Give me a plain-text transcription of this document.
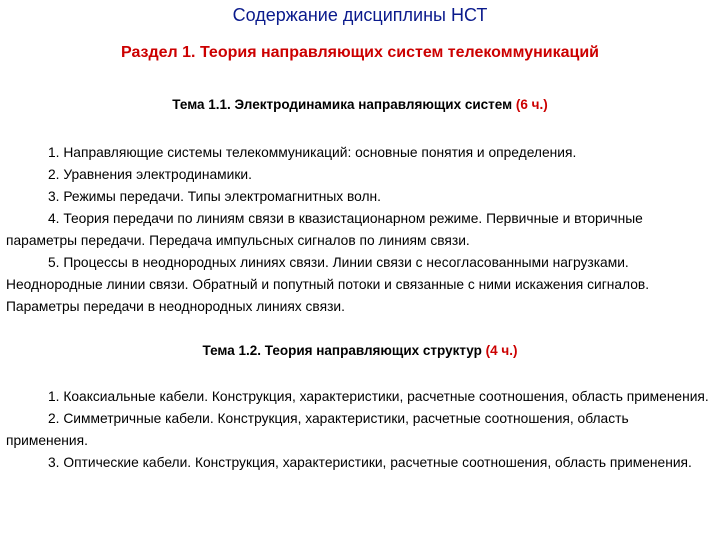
Содержание дисциплины НСТ
Раздел 1. Теория направляющих систем телекоммуникаций
Тема 1.1. Электродинамика направляющих систем (6 ч.)

1. Направляющие системы телекоммуникаций: основные понятия и определения.

2. Уравнения электродинамики.

3. Режимы передачи. Типы электромагнитных волн.

4. Теория передачи по линиям связи в квазистационарном режиме. Первичные и вторичные параметры передачи. Передача импульсных сигналов по линиям связи.

5. Процессы в неоднородных линиях связи. Линии связи с несогласованными нагрузками. Неоднородные линии связи. Обратный и попутный потоки и связанные с ними искажения сигналов. Параметры передачи в неоднородных линиях связи.

Тема 1.2. Теория направляющих структур (4 ч.)

1. Коаксиальные кабели. Конструкция, характеристики, расчетные соотношения, область применения.

2. Симметричные кабели. Конструкция, характеристики, расчетные соотношения, область применения.

3. Оптические кабели. Конструкция, характеристики, расчетные соотношения, область применения.
